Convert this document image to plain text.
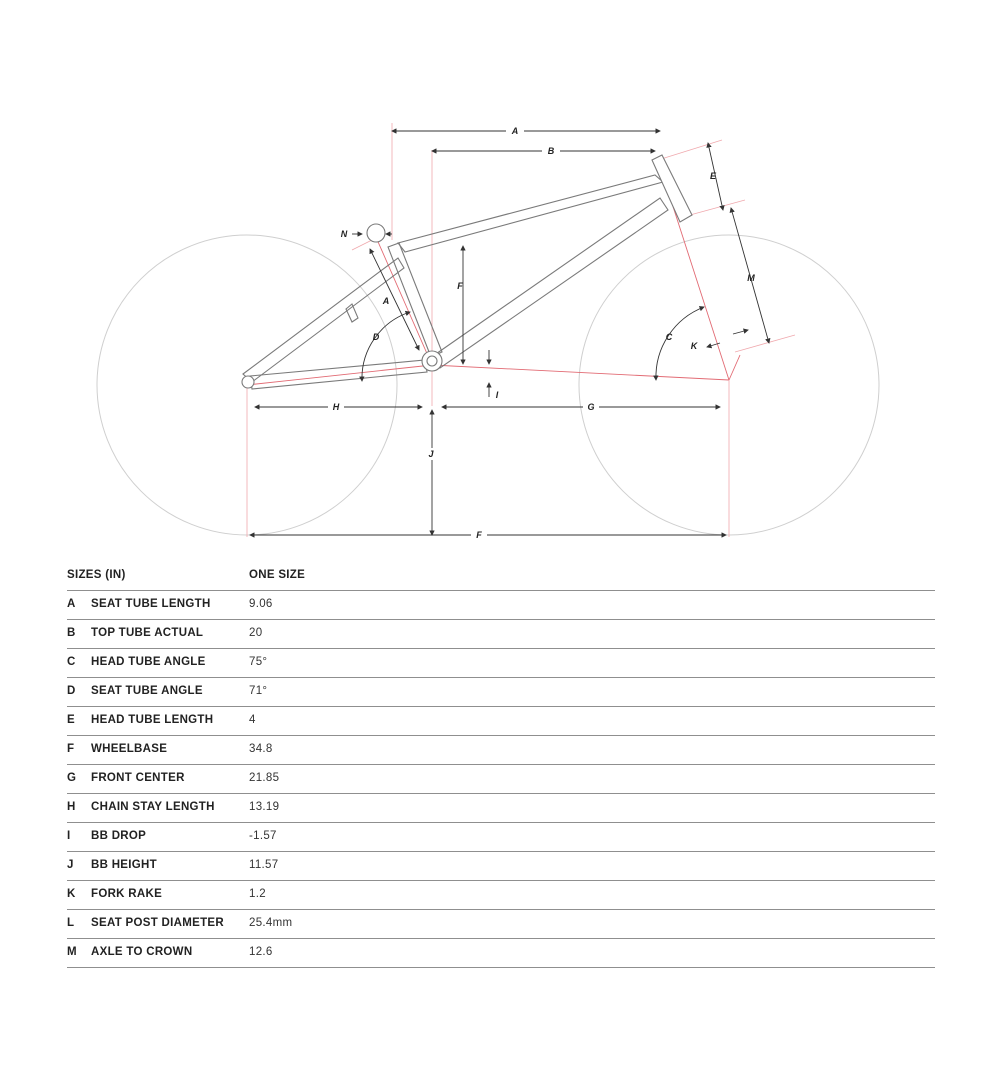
A
B
E
N
F
A
M
D	C
K
I
H	G
J
F
SIZES (IN)	ONE SIZE
A SEAT TUBE LENGTH	9.06
B TOP TUBE ACTUAL	20
C HEAD TUBE ANGLE	75°
D SEAT TUBE ANGLE	71°
E HEAD TUBE LENGTH	4
F WHEELBASE	34.8
G FRONT CENTER	21.85
H CHAIN STAY LENGTH	13.19
I BB DROP	-1.57
J BB HEIGHT	11.57
K FORK RAKE	1.2
L SEAT POST DIAMETER 25.4mm
M AXLE TO CROWN	12.6
